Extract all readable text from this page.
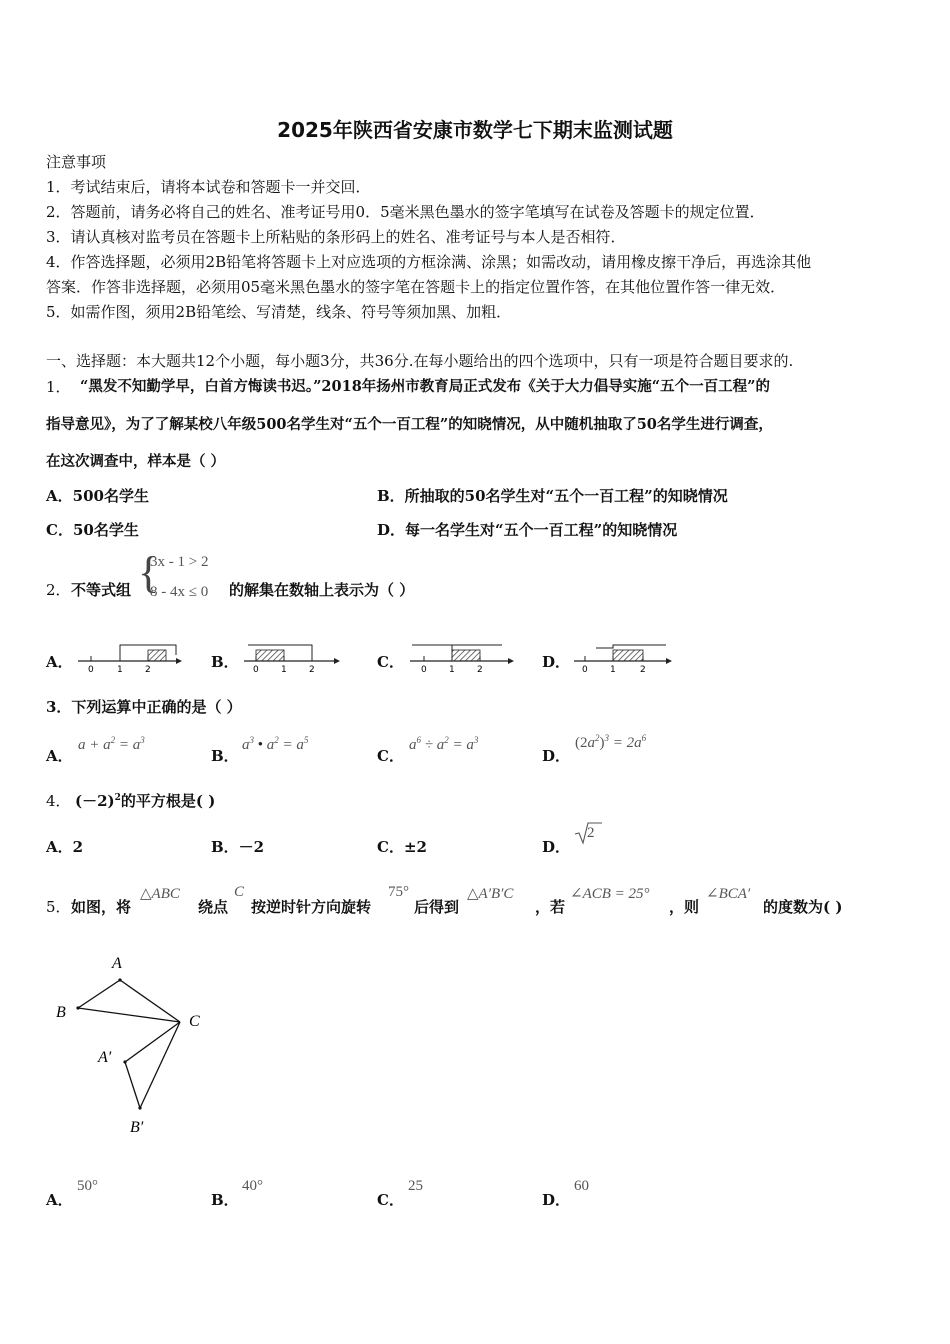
2025年陕西省安康市数学七下期末监测试题
注意事项
1．考试结束后，请将本试卷和答题卡一并交回．
2．答题前，请务必将自己的姓名、准考证号用0．5毫米黑色墨水的签字笔填写在试卷及答题卡的规定位置．
3．请认真核对监考员在答题卡上所粘贴的条形码上的姓名、准考证号与本人是否相符．
4．作答选择题，必须用2B铅笔将答题卡上对应选项的方框涂满、涂黑；如需改动，请用橡皮擦干净后，再选涂其他
答案．作答非选择题，必须用05毫米黑色墨水的签字笔在答题卡上的指定位置作答，在其他位置作答一律无效．
5．如需作图，须用2B铅笔绘、写清楚，线条、符号等须加黑、加粗．
一、选择题：本大题共12个小题，每小题3分，共36分.在每小题给出的四个选项中，只有一项是符合题目要求的.
1． “黑发不知勤学早，白首方悔读书迟。”2018年扬州市教育局正式发布《关于大力倡导实施“五个一百工程”的
指导意见》，为了了解某校八年级500名学生对“五个一百工程”的知晓情况，从中随机抽取了50名学生进行调查，
在这次调查中，样本是（ ）
A．500名学生	B．所抽取的50名学生对“五个一百工程”的知晓情况
C．50名学生	D．每一名学生对“五个一百工程”的知晓情况
2． 不等式组 {
3x - 1 > 2
8 - 4x ≤ 0 的解集在数轴上表示为（ ）
A．	B．	C．	D．
0	1 2	0 1 2	0 1 2	0 1	2
3．下列运算中正确的是（ ）
A．
$a + a^2 = a^3$
B．
$a^3$ • $a^2 = a^5$
C．
$a^6 \div a^2 = a^3$
D．
$(2a^2)^3 = 2a^6$
4． $(-2)^2$的平方根是( )
A．2	B．－2	C．±2	D．
2
5． 如图，将
△ABC
绕点
C
按逆时针方向旋转
75°
后得到
△A′B′C
，若
∠ACB = 25°
，则
∠BCA′
的度数为( )
A
B
C
A′
B′
A．
50°
B．
40°
C．
25
D．
60
